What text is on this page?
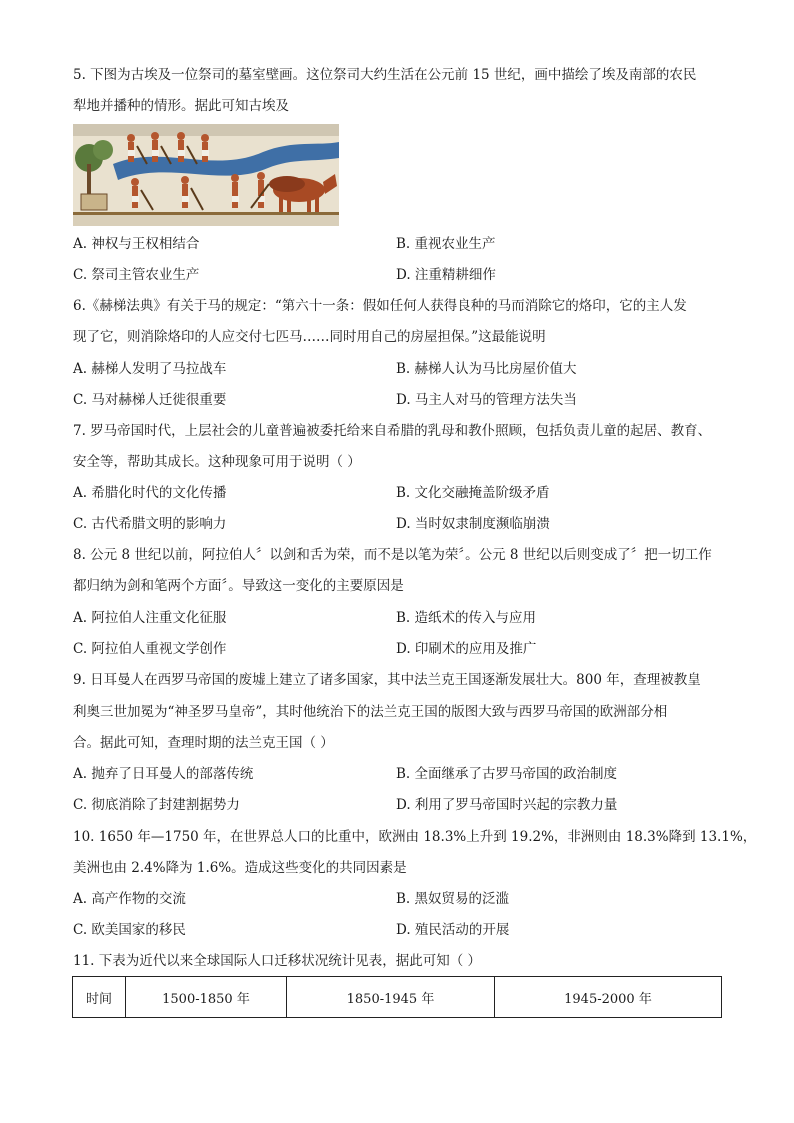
5. 下图为古埃及一位祭司的墓室壁画。这位祭司大约生活在公元前 15 世纪，画中描绘了埃及南部的农民
犁地并播种的情形。据此可知古埃及
A. 神权与王权相结合	B. 重视农业生产
C. 祭司主管农业生产	D. 注重精耕细作
6.《赫梯法典》有关于马的规定：“第六十一条：假如任何人获得良种的马而消除它的烙印，它的主人发
现了它，则消除烙印的人应交付七匹马……同时用自己的房屋担保。”这最能说明
A. 赫梯人发明了马拉战车	B. 赫梯人认为马比房屋价值大
C. 马对赫梯人迁徙很重要	D. 马主人对马的管理方法失当
7. 罗马帝国时代，上层社会的儿童普遍被委托给来自希腊的乳母和教仆照顾，包括负责儿童的起居、教育、
安全等，帮助其成长。这种现象可用于说明（ ）
A. 希腊化时代的文化传播	B. 文化交融掩盖阶级矛盾
C. 古代希腊文明的影响力	D. 当时奴隶制度濒临崩溃
8. 公元 8 世纪以前，阿拉伯人〞以剑和舌为荣，而不是以笔为荣〞。公元 8 世纪以后则变成了〞把一切工作
都归纳为剑和笔两个方面〞。导致这一变化的主要原因是
A. 阿拉伯人注重文化征服	B. 造纸术的传入与应用
C. 阿拉伯人重视文学创作	D. 印刷术的应用及推广
9. 日耳曼人在西罗马帝国的废墟上建立了诸多国家，其中法兰克王国逐渐发展壮大。800 年，查理被教皇
利奥三世加冕为“神圣罗马皇帝”，其时他统治下的法兰克王国的版图大致与西罗马帝国的欧洲部分相
合。据此可知，查理时期的法兰克王国（ ）
A. 抛弃了日耳曼人的部落传统	B. 全面继承了古罗马帝国的政治制度
C. 彻底消除了封建割据势力	D. 利用了罗马帝国时兴起的宗教力量
10. 1650 年—1750 年，在世界总人口的比重中，欧洲由 18.3%上升到 19.2%，非洲则由 18.3%降到 13.1%，
美洲也由 2.4%降为 1.6%。造成这些变化的共同因素是
A. 高产作物的交流	B. 黑奴贸易的泛滥
C. 欧美国家的移民	D. 殖民活动的开展
11. 下表为近代以来全球国际人口迁移状况统计见表，据此可知（ ）
时间	1500-1850 年	1850-1945 年	1945-2000 年
